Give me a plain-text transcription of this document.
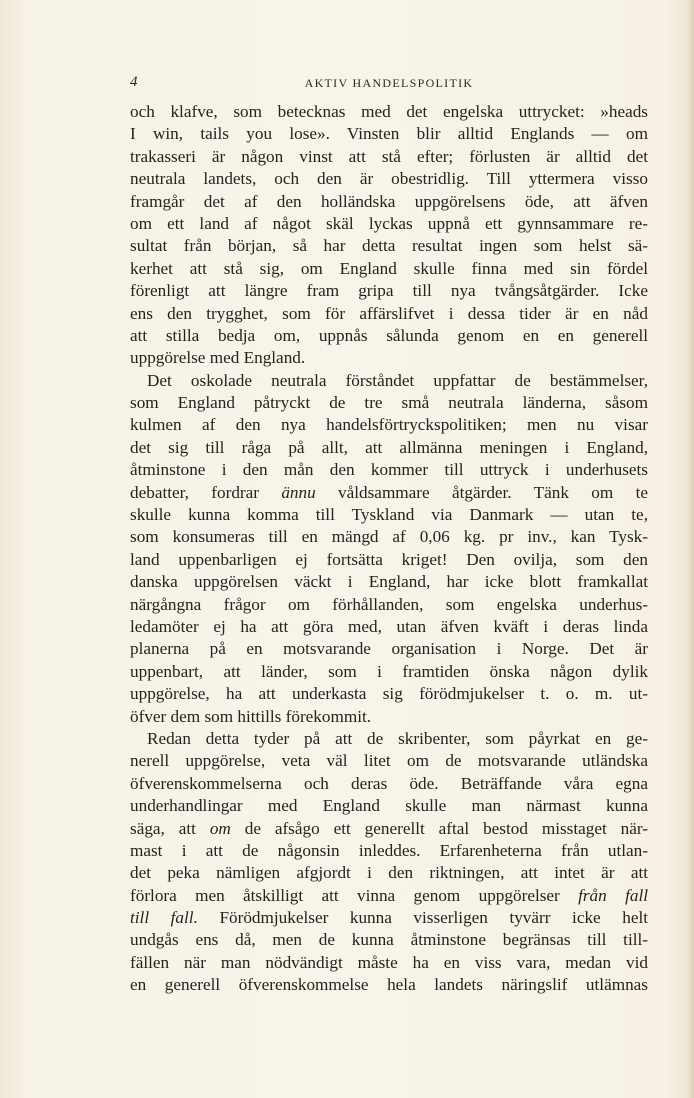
4	AKTIV HANDELSPOLITIK
och klafve, som betecknas med det engelska uttrycket: »heads
I win, tails you lose». Vinsten blir alltid Englands — om
trakasseri är någon vinst att stå efter; förlusten är alltid det
neutrala landets, och den är obestridlig. Till yttermera visso
framgår det af den holländska uppgörelsens öde, att äfven
om ett land af något skäl lyckas uppnå ett gynnsammare re-
sultat från början, så har detta resultat ingen som helst sä-
kerhet att stå sig, om England skulle finna med sin fördel
förenligt att längre fram gripa till nya tvångsåtgärder. Icke
ens den trygghet, som för affärslifvet i dessa tider är en nåd
att stilla bedja om, uppnås sålunda genom en en generell
uppgörelse med England.
Det oskolade neutrala förståndet uppfattar de bestämmelser,
som England påtryckt de tre små neutrala länderna, såsom
kulmen af den nya handelsförtryckspolitiken; men nu visar
det sig till råga på allt, att allmänna meningen i England,
åtminstone i den mån den kommer till uttryck i underhusets
debatter, fordrar ännu våldsammare åtgärder. Tänk om te
skulle kunna komma till Tyskland via Danmark — utan te,
som konsumeras till en mängd af 0,06 kg. pr inv., kan Tysk-
land uppenbarligen ej fortsätta kriget! Den ovilja, som den
danska uppgörelsen väckt i England, har icke blott framkallat
närgångna frågor om förhållanden, som engelska underhus-
ledamöter ej ha att göra med, utan äfven kväft i deras linda
planerna på en motsvarande organisation i Norge. Det är
uppenbart, att länder, som i framtiden önska någon dylik
uppgörelse, ha att underkasta sig förödmjukelser t. o. m. ut-
öfver dem som hittills förekommit.
Redan detta tyder på att de skribenter, som påyrkat en ge-
nerell uppgörelse, veta väl litet om de motsvarande utländska
öfverenskommelserna och deras öde. Beträffande våra egna
underhandlingar med England skulle man närmast kunna
säga, att om de afsågo ett generellt aftal bestod misstaget när-
mast i att de någonsin inleddes. Erfarenheterna från utlan-
det peka nämligen afgjordt i den riktningen, att intet är att
förlora men åtskilligt att vinna genom uppgörelser från fall
till fall. Förödmjukelser kunna visserligen tyvärr icke helt
undgås ens då, men de kunna åtminstone begränsas till till-
fällen när man nödvändigt måste ha en viss vara, medan vid
en generell öfverenskommelse hela landets näringslif utlämnas
